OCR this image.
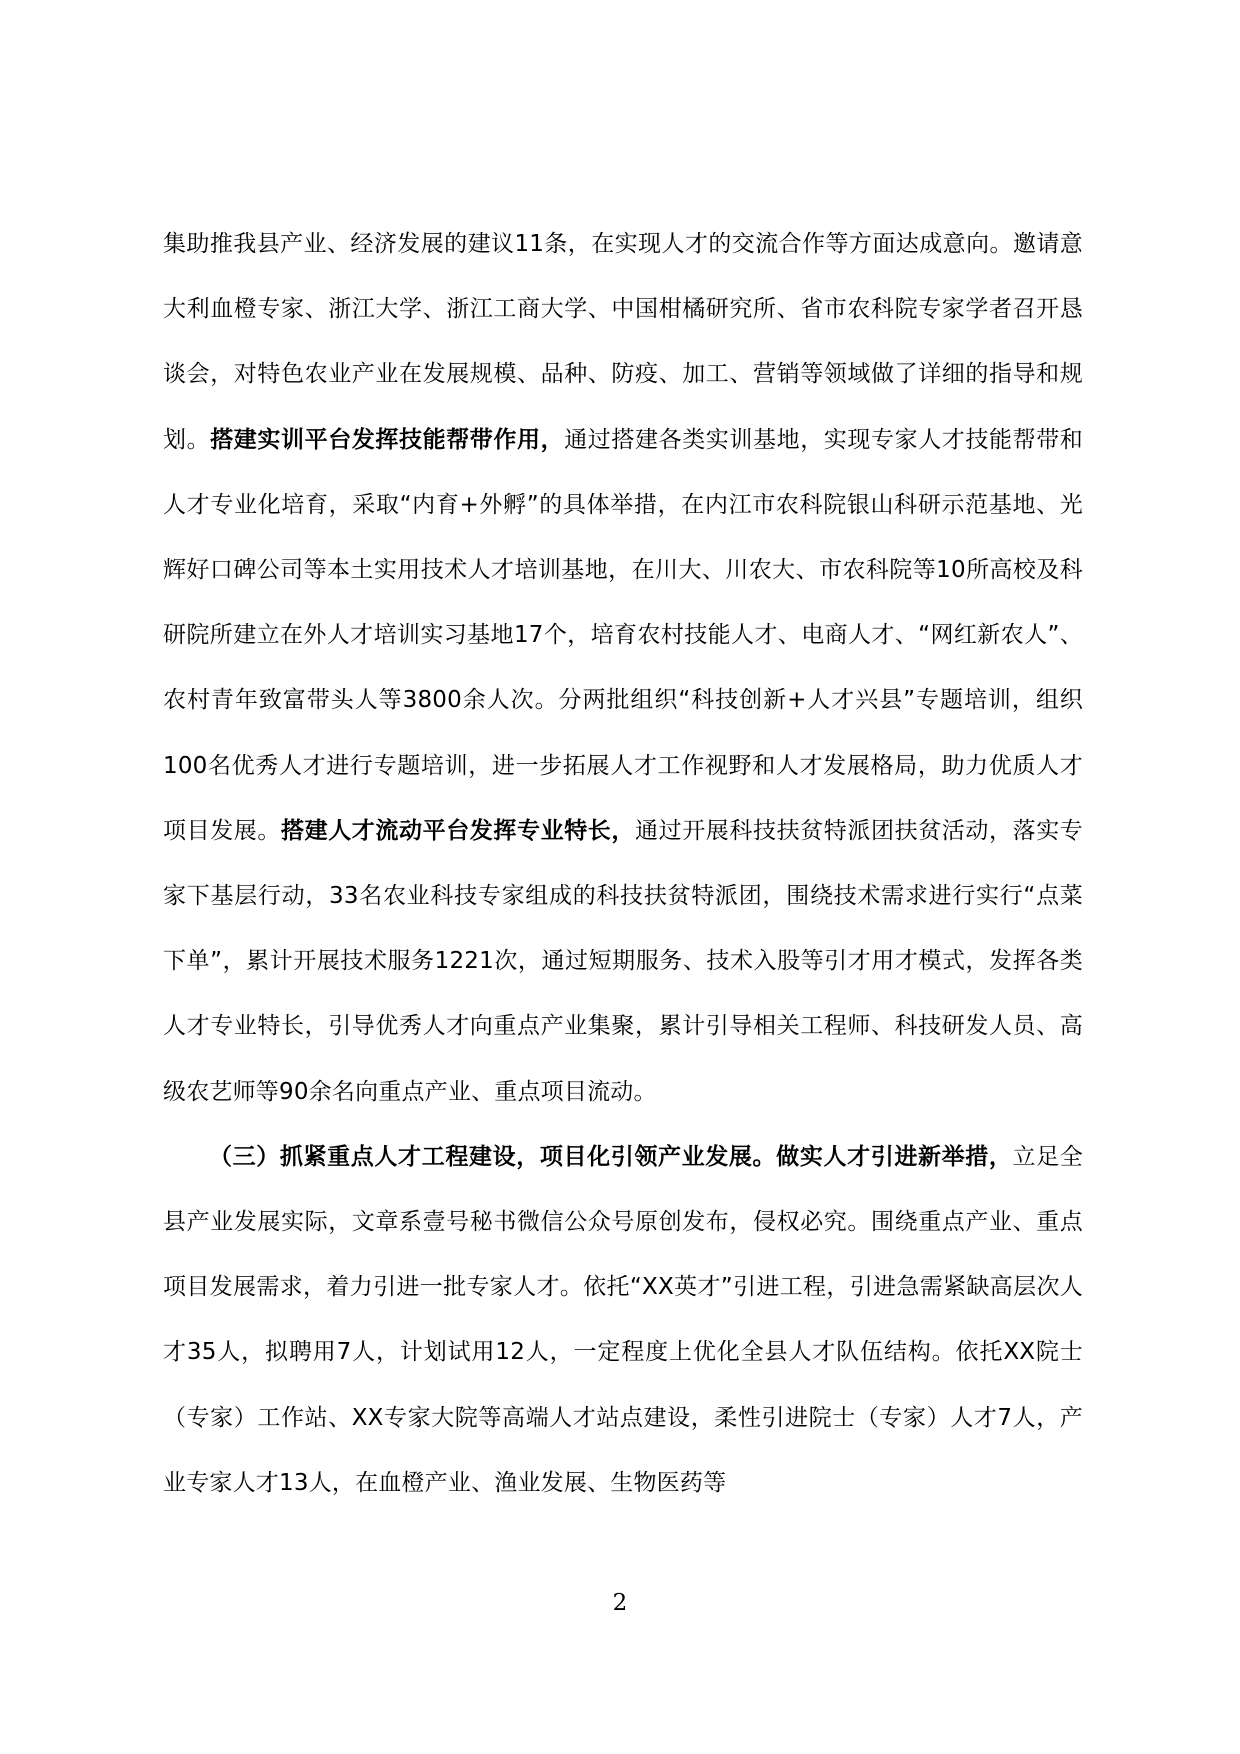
集助推我县产业、经济发展的建议11条，在实现人才的交流合作等方面达成意向。邀请意大利血橙专家、浙江大学、浙江工商大学、中国柑橘研究所、省市农科院专家学者召开恳谈会，对特色农业产业在发展规模、品种、防疫、加工、营销等领域做了详细的指导和规划。搭建实训平台发挥技能帮带作用，通过搭建各类实训基地，实现专家人才技能帮带和人才专业化培育，采取“内育+外孵”的具体举措，在内江市农科院银山科研示范基地、光辉好口碑公司等本土实用技术人才培训基地，在川大、川农大、市农科院等10所高校及科研院所建立在外人才培训实习基地17个，培育农村技能人才、电商人才、“网红新农人”、农村青年致富带头人等3800余人次。分两批组织“科技创新+人才兴县”专题培训，组织100名优秀人才进行专题培训，进一步拓展人才工作视野和人才发展格局，助力优质人才项目发展。搭建人才流动平台发挥专业特长，通过开展科技扶贫特派团扶贫活动，落实专家下基层行动，33名农业科技专家组成的科技扶贫特派团，围绕技术需求进行实行“点菜下单”，累计开展技术服务1221次，通过短期服务、技术入股等引才用才模式，发挥各类人才专业特长，引导优秀人才向重点产业集聚，累计引导相关工程师、科技研发人员、高级农艺师等90余名向重点产业、重点项目流动。

（三）抓紧重点人才工程建设，项目化引领产业发展。做实人才引进新举措，立足全县产业发展实际，文章系壹号秘书微信公众号原创发布，侵权必究。围绕重点产业、重点项目发展需求，着力引进一批专家人才。依托“XX英才”引进工程，引进急需紧缺高层次人才35人，拟聘用7人，计划试用12人，一定程度上优化全县人才队伍结构。依托XX院士（专家）工作站、XX专家大院等高端人才站点建设，柔性引进院士（专家）人才7人，产业专家人才13人，在血橙产业、渔业发展、生物医药等

2
